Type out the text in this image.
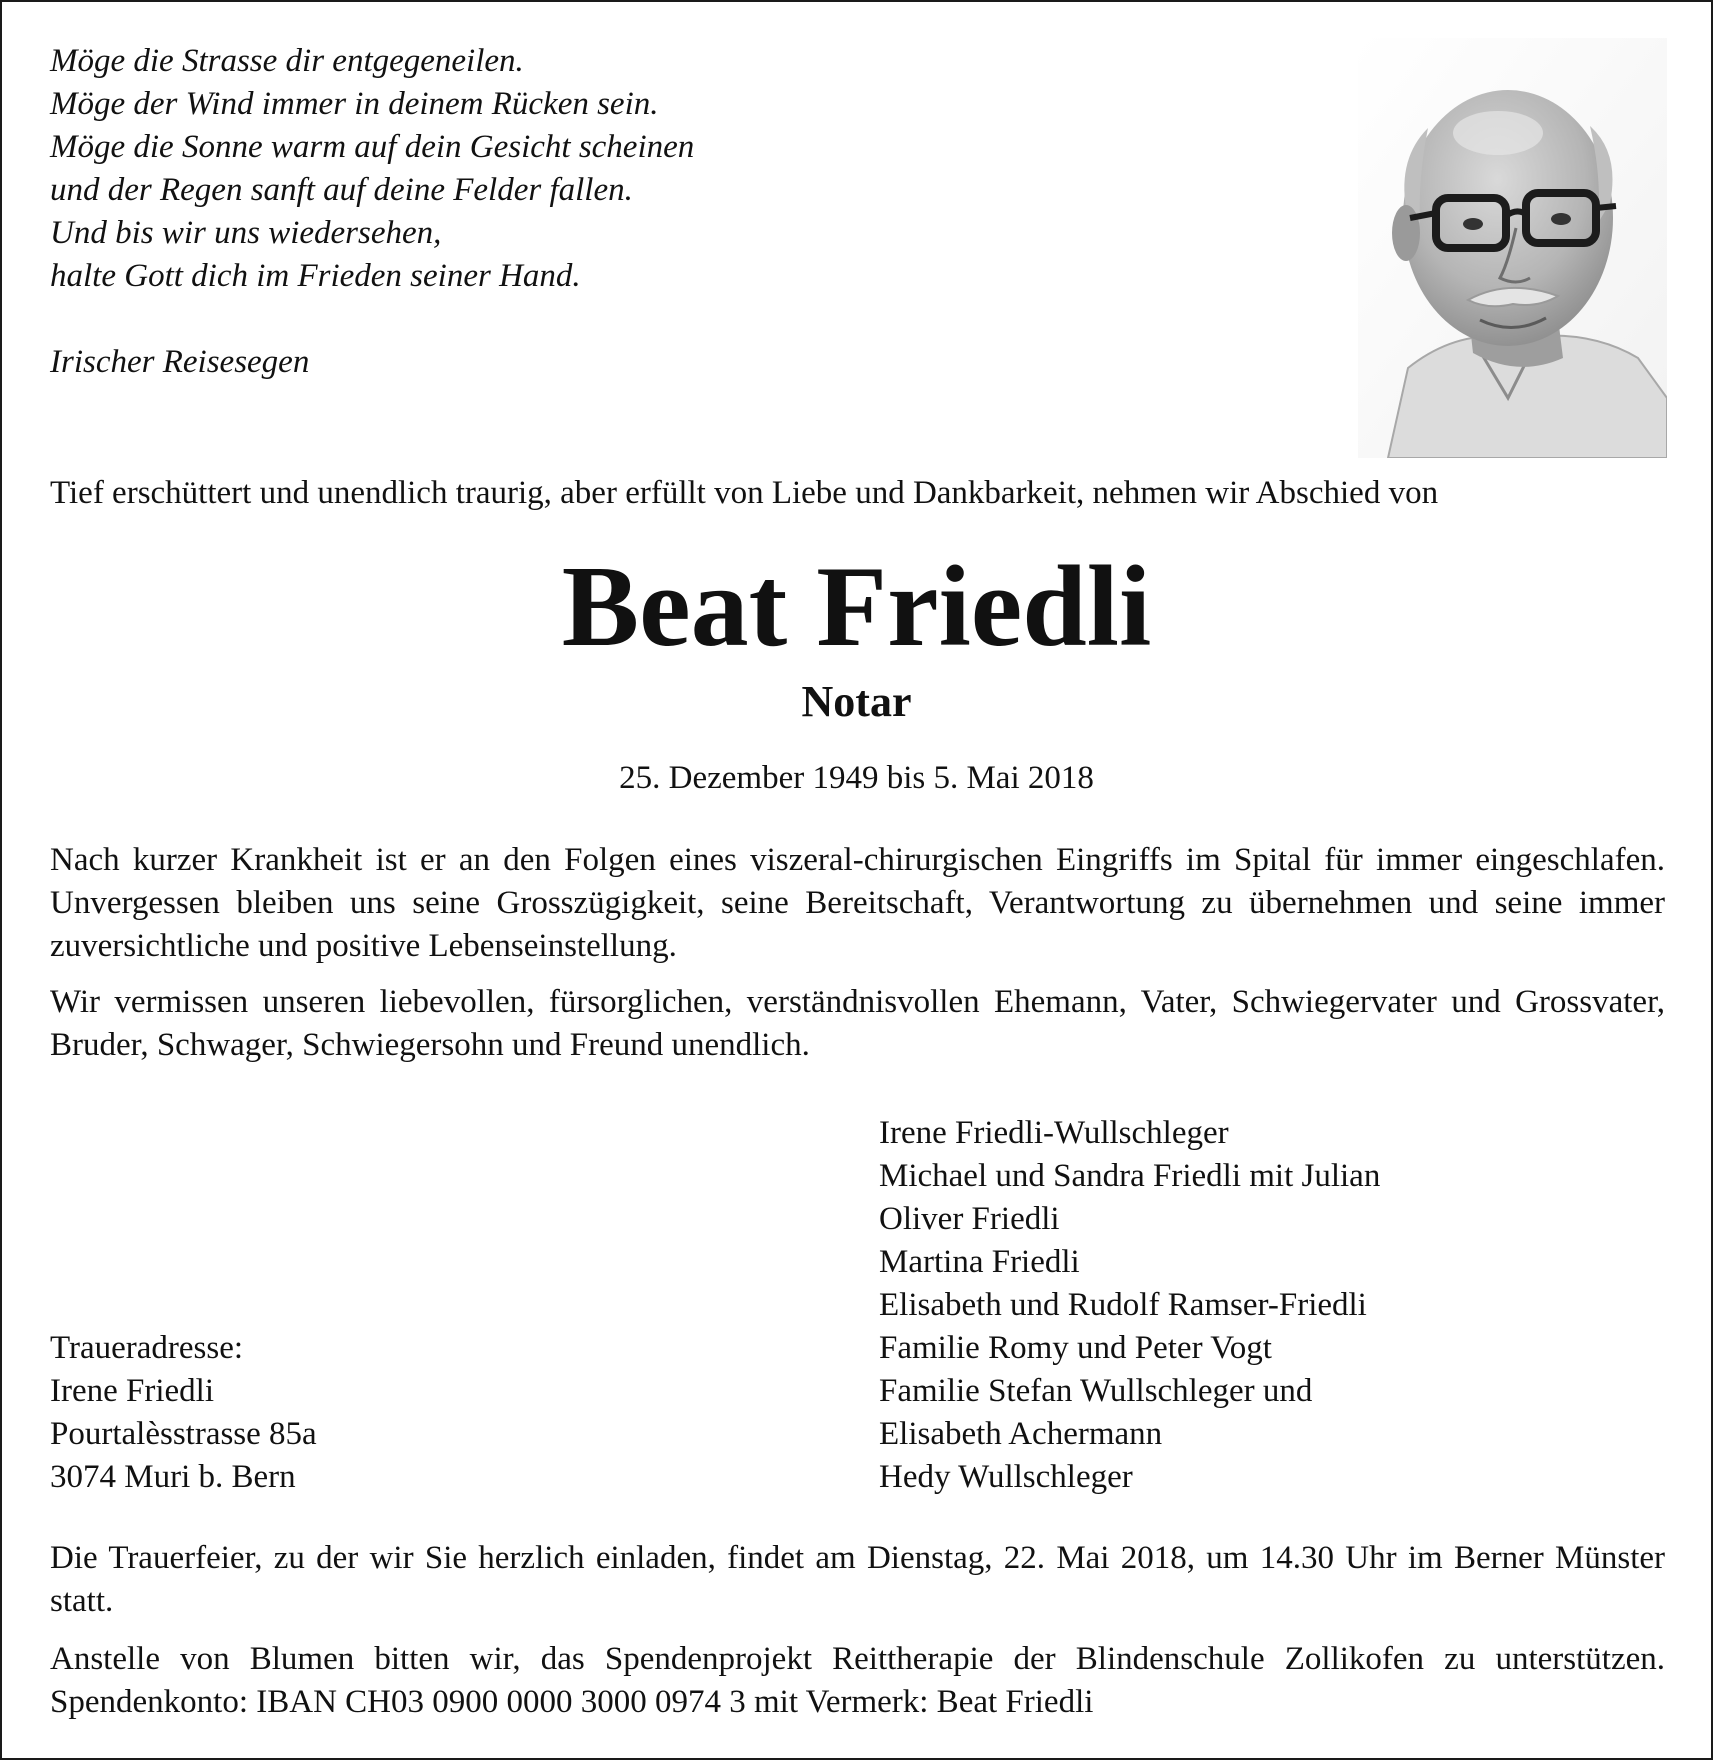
Möge die Strasse dir entgegeneilen.
Möge der Wind immer in deinem Rücken sein.
Möge die Sonne warm auf dein Gesicht scheinen
und der Regen sanft auf deine Felder fallen.
Und bis wir uns wiedersehen,
halte Gott dich im Frieden seiner Hand.
Irischer Reisesegen
Tief erschüttert und unendlich traurig, aber erfüllt von Liebe und Dankbarkeit, nehmen wir Abschied von
Beat Friedli
Notar
25. Dezember 1949 bis 5. Mai 2018
Nach kurzer Krankheit ist er an den Folgen eines viszeral-chirurgischen Eingriffs im Spital für immer eingeschlafen. Unvergessen bleiben uns seine Grosszügigkeit, seine Bereitschaft, Verantwortung zu übernehmen und seine immer zuversichtliche und positive Lebenseinstellung.
Wir vermissen unseren liebevollen, fürsorglichen, verständnisvollen Ehemann, Vater, Schwiegervater und Grossvater, Bruder, Schwager, Schwiegersohn und Freund unendlich.
Traueradresse:
Irene Friedli
Pourtalèsstrasse 85a
3074 Muri b. Bern
Irene Friedli-Wullschleger
Michael und Sandra Friedli mit Julian
Oliver Friedli
Martina Friedli
Elisabeth und Rudolf Ramser-Friedli
Familie Romy und Peter Vogt
Familie Stefan Wullschleger und
Elisabeth Achermann
Hedy Wullschleger
Die Trauerfeier, zu der wir Sie herzlich einladen, findet am Dienstag, 22. Mai 2018, um 14.30 Uhr im Berner Münster statt.
Anstelle von Blumen bitten wir, das Spendenprojekt Reittherapie der Blindenschule Zollikofen zu unterstützen. Spendenkonto: IBAN CH03 0900 0000 3000 0974 3 mit Vermerk: Beat Friedli
